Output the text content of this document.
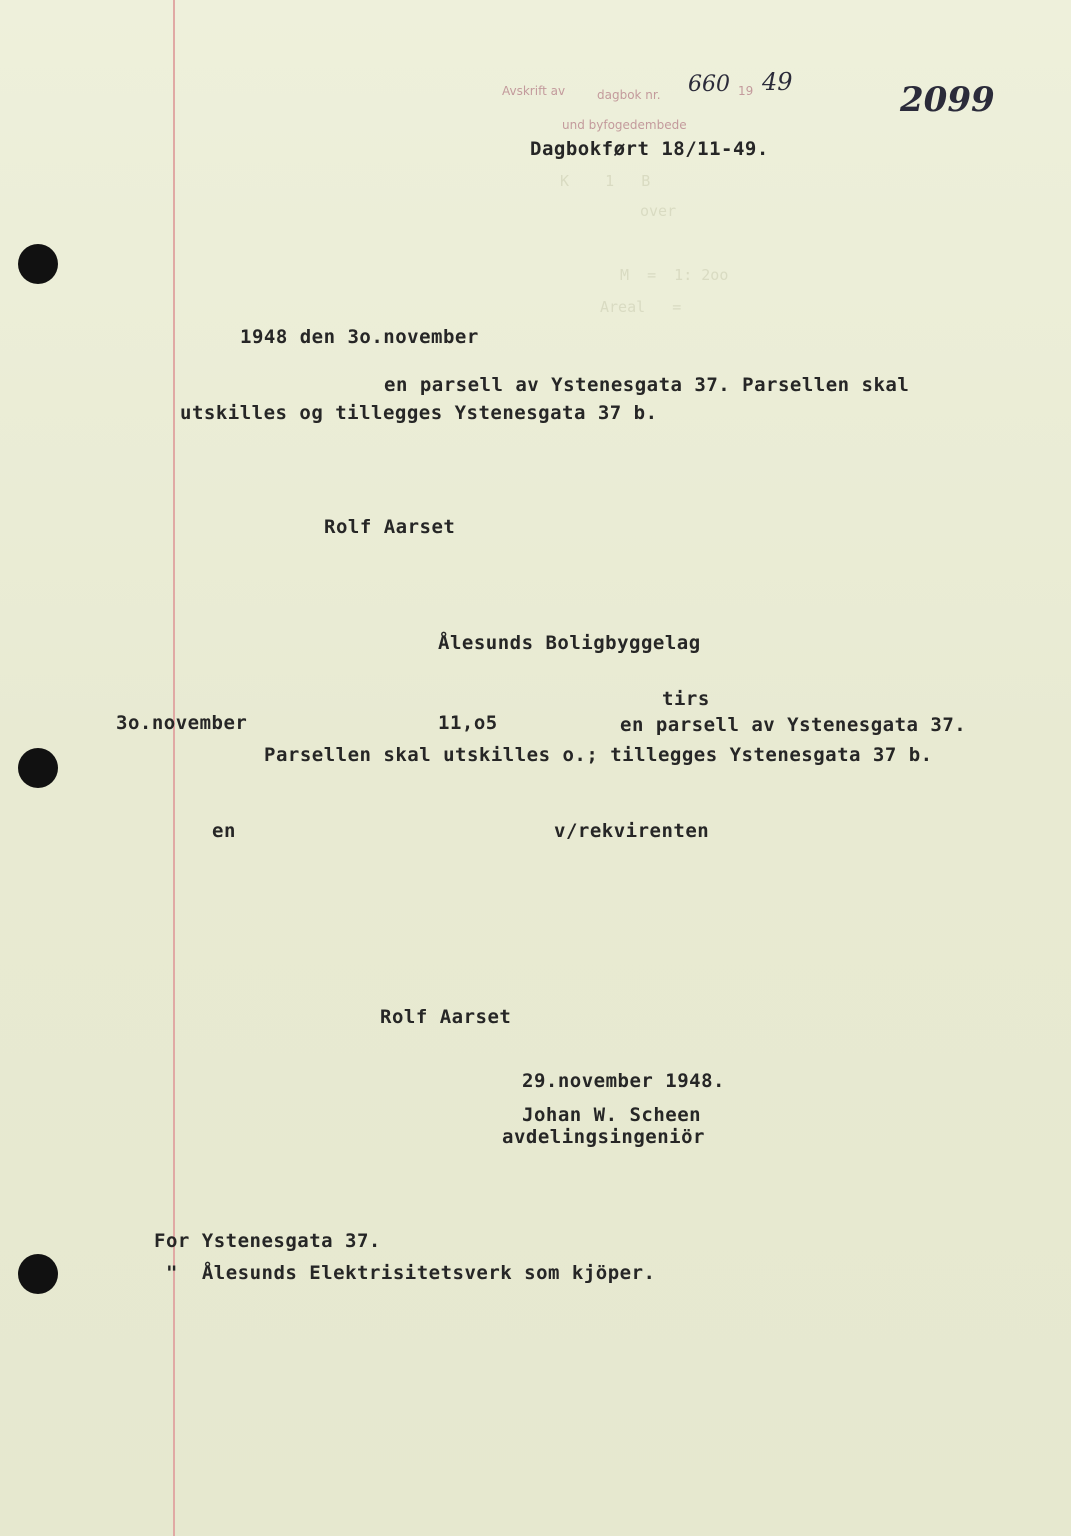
K    1   B
over
M  =  1: 2oo
Areal   =
Avskrift av	dagbok nr. 660 19 49
und byfogedembede
2099
Dagbokført 18/11-49.
1948 den 3o.november
en parsell av Ystenesgata 37. Parsellen skal
utskilles og tillegges Ystenesgata 37 b.
Rolf Aarset
Ålesunds Boligbyggelag
tirs
3o.november	11,o5	en parsell av Ystenesgata 37.
Parsellen skal utskilles o.; tillegges Ystenesgata 37 b.
en	v/rekvirenten
Rolf Aarset
29.november 1948.
Johan W. Scheen
avdelingsingeniör
For Ystenesgata 37.
"  Ålesunds Elektrisitetsverk som kjöper.
